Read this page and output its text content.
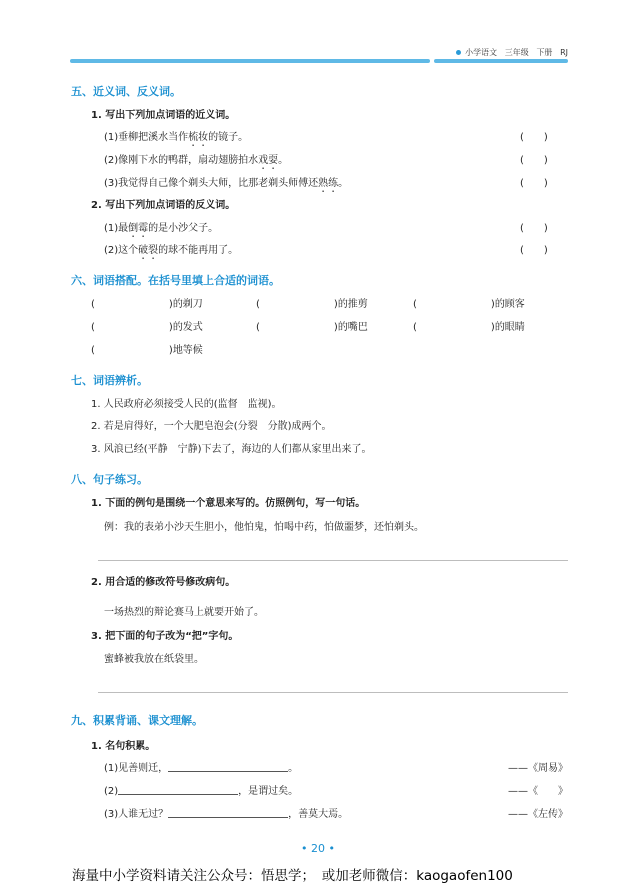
小学语文 三年级 下册 RJ
五、近义词、反义词。
1. 写出下列加点词语的近义词。
(1)垂柳把溪水当作梳妆的镜子。	(　　)
(2)像刚下水的鸭群，扇动翅膀拍水戏耍。	(　　)
(3)我觉得自己像个剃头大师，比那老剃头师傅还熟练。	(　　)
2. 写出下列加点词语的反义词。
(1)最倒霉的是小沙父子。	(　　)
(2)这个破裂的球不能再用了。	(　　)
六、词语搭配。在括号里填上合适的词语。
(	)的剃刀	(	)的推剪	(	)的顾客
(	)的发式	(	)的嘴巴	(	)的眼睛
(	)地等候
七、词语辨析。
1. 人民政府必须接受人民的(监督　监视)。
2. 若是肩得好，一个大肥皂泡会(分裂　分散)成两个。
3. 风浪已经(平静　宁静)下去了，海边的人们都从家里出来了。
八、句子练习。
1. 下面的例句是围绕一个意思来写的。仿照例句，写一句话。
例：我的表弟小沙天生胆小，他怕鬼，怕喝中药，怕做噩梦，还怕剃头。
2. 用合适的修改符号修改病句。
一场热烈的辩论赛马上就要开始了。
3. 把下面的句子改为“把”字句。
蜜蜂被我放在纸袋里。
九、积累背诵、课文理解。
1. 名句积累。
(1)见善则迁，	。	——《周易》
(2)	，是谓过矣。	——《　　》
(3)人谁无过？	，善莫大焉。	——《左传》
• 20 •
海量中小学资料请关注公众号：悟思学；　或加老师微信：kaogaofen100
